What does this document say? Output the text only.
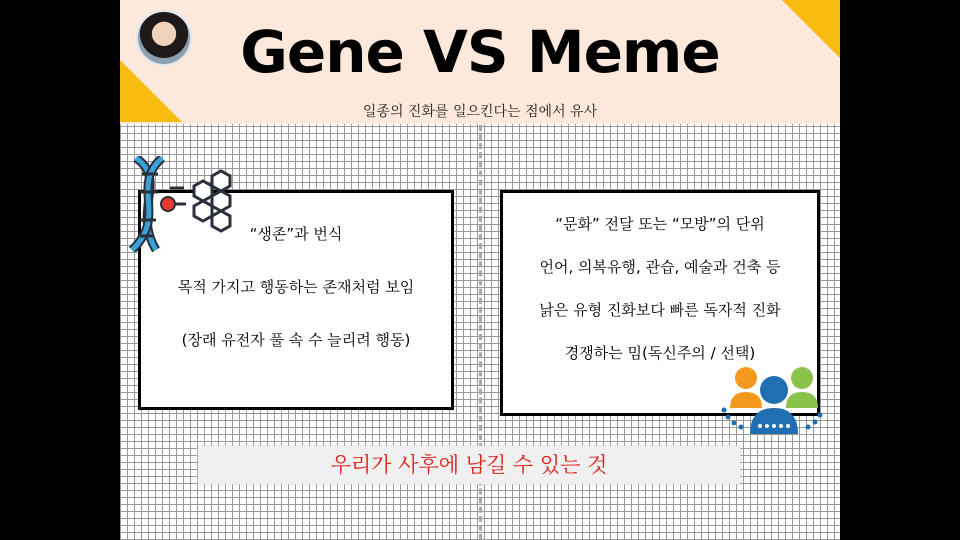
Gene VS Meme
일종의 진화를 일으킨다는 점에서 유사
“생존”과 번식
목적 가지고 행동하는 존재처럼 보임
(장래 유전자 풀 속 수 늘리려 행동)
“문화” 전달 또는 “모방”의 단위
언어, 의복유행, 관습, 예술과 건축 등
낡은 유형 진화보다 빠른 독자적 진화
경쟁하는 밈(독신주의 / 선택)
우리가 사후에 남길 수 있는 것
